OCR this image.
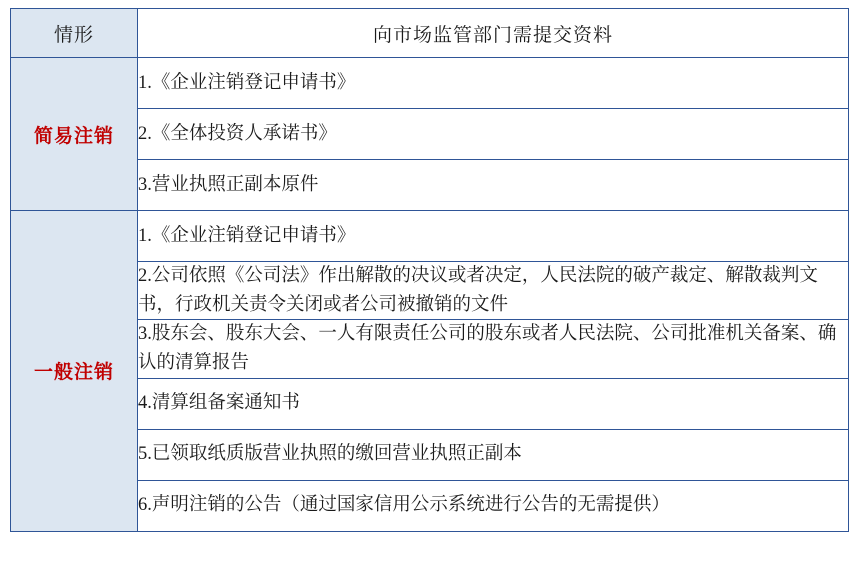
情形	向市场监管部门需提交资料
简易注销	1.《企业注销登记申请书》
	2.《全体投资人承诺书》
	3.营业执照正副本原件
一般注销	1.《企业注销登记申请书》
	2.公司依照《公司法》作出解散的决议或者决定，人民法院的破产裁定、解散裁判文书，行政机关责令关闭或者公司被撤销的文件
	3.股东会、股东大会、一人有限责任公司的股东或者人民法院、公司批准机关备案、确认的清算报告
	4.清算组备案通知书
	5.已领取纸质版营业执照的缴回营业执照正副本
	6.声明注销的公告（通过国家信用公示系统进行公告的无需提供）
